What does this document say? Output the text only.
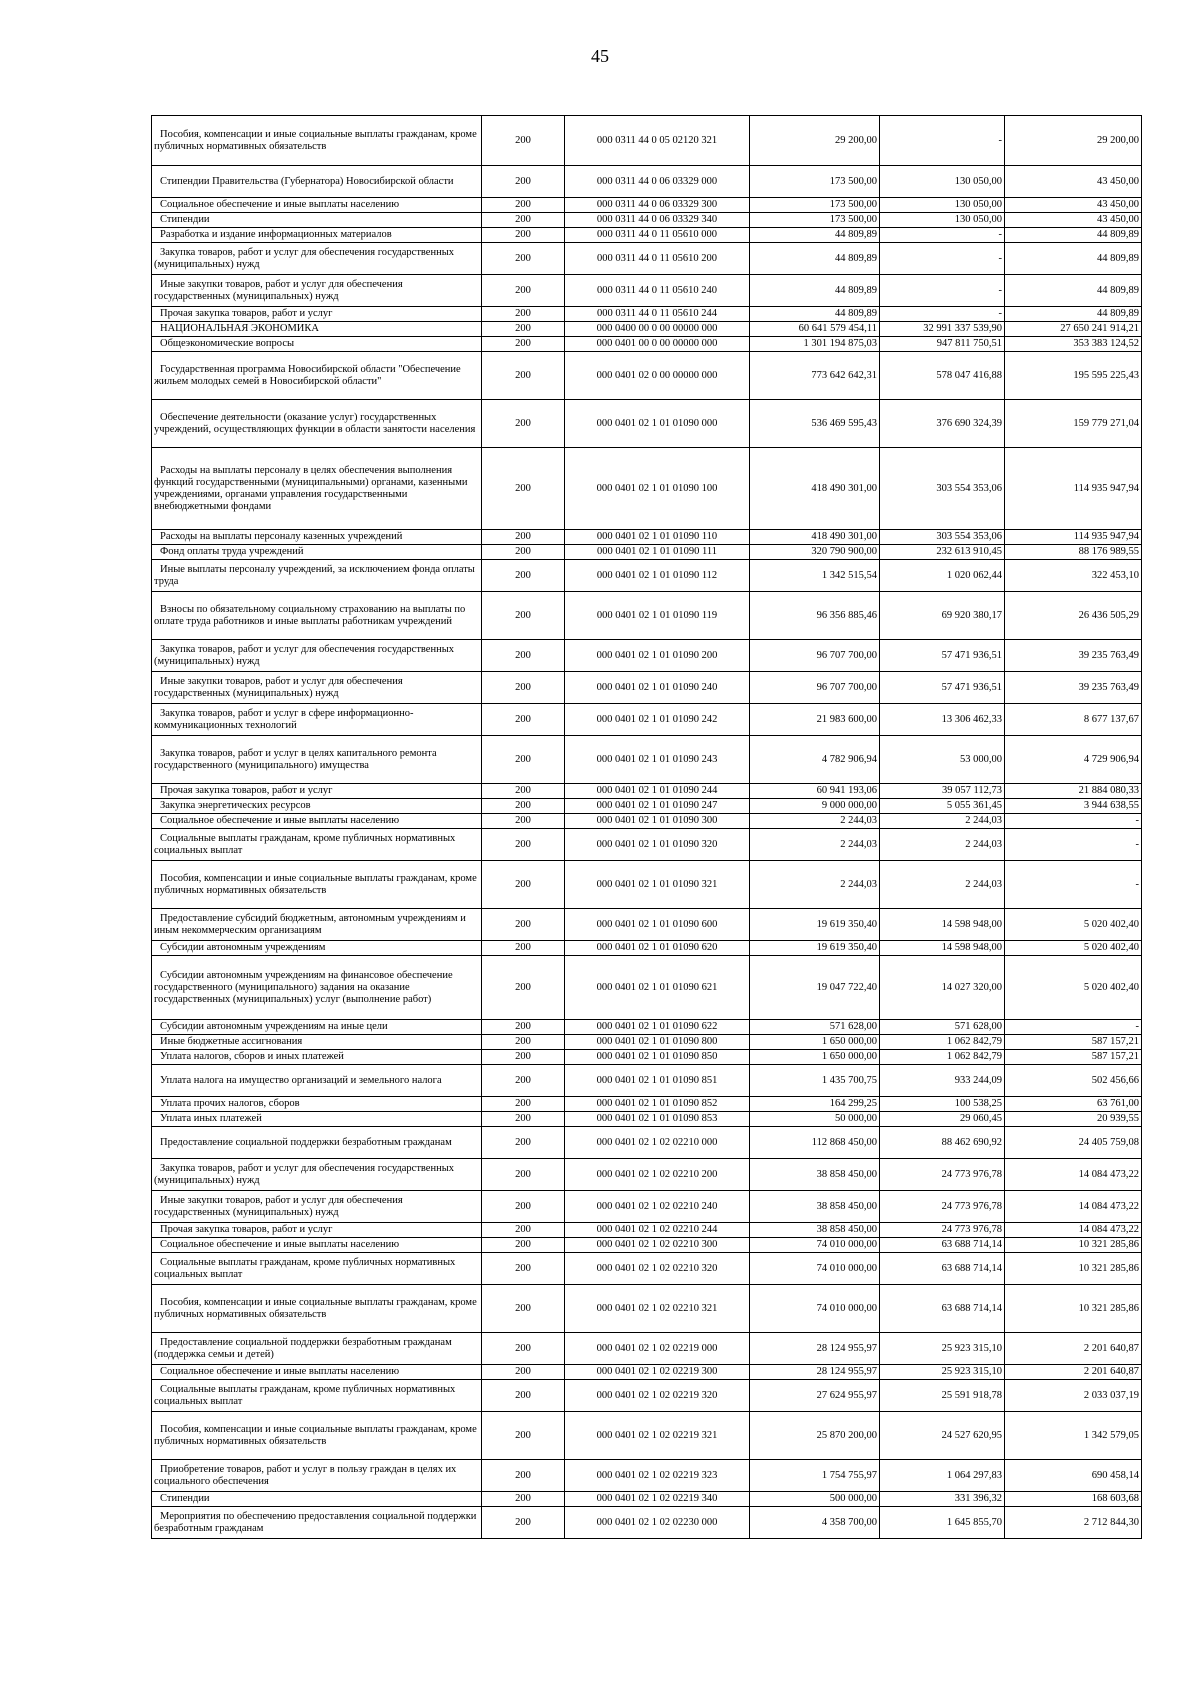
45
Пособия, компенсации и иные социальные выплаты гражданам, кроме публичных нормативных обязательств	200	000 0311 44 0 05 02120 321	29 200,00	-	29 200,00
Стипендии Правительства (Губернатора) Новосибирской области	200	000 0311 44 0 06 03329 000	173 500,00	130 050,00	43 450,00
Социальное обеспечение и иные выплаты населению	200	000 0311 44 0 06 03329 300	173 500,00	130 050,00	43 450,00
Стипендии	200	000 0311 44 0 06 03329 340	173 500,00	130 050,00	43 450,00
Разработка и издание информационных материалов	200	000 0311 44 0 11 05610 000	44 809,89	-	44 809,89
Закупка товаров, работ и услуг для обеспечения государственных (муниципальных) нужд	200	000 0311 44 0 11 05610 200	44 809,89	-	44 809,89
Иные закупки товаров, работ и услуг для обеспечения государственных (муниципальных) нужд	200	000 0311 44 0 11 05610 240	44 809,89	-	44 809,89
Прочая закупка товаров, работ и услуг	200	000 0311 44 0 11 05610 244	44 809,89	-	44 809,89
НАЦИОНАЛЬНАЯ ЭКОНОМИКА	200	000 0400 00 0 00 00000 000	60 641 579 454,11	32 991 337 539,90	27 650 241 914,21
Общеэкономические вопросы	200	000 0401 00 0 00 00000 000	1 301 194 875,03	947 811 750,51	353 383 124,52
Государственная программа Новосибирской области "Обеспечение жильем молодых семей в Новосибирской области"	200	000 0401 02 0 00 00000 000	773 642 642,31	578 047 416,88	195 595 225,43
Обеспечение деятельности (оказание услуг) государственных учреждений, осуществляющих функции в области занятости населения	200	000 0401 02 1 01 01090 000	536 469 595,43	376 690 324,39	159 779 271,04
Расходы на выплаты персоналу в целях обеспечения выполнения функций государственными (муниципальными) органами, казенными учреждениями, органами управления государственными внебюджетными фондами	200	000 0401 02 1 01 01090 100	418 490 301,00	303 554 353,06	114 935 947,94
Расходы на выплаты персоналу казенных учреждений	200	000 0401 02 1 01 01090 110	418 490 301,00	303 554 353,06	114 935 947,94
Фонд оплаты труда учреждений	200	000 0401 02 1 01 01090 111	320 790 900,00	232 613 910,45	88 176 989,55
Иные выплаты персоналу учреждений, за исключением фонда оплаты труда	200	000 0401 02 1 01 01090 112	1 342 515,54	1 020 062,44	322 453,10
Взносы по обязательному социальному страхованию на выплаты по оплате труда работников и иные выплаты работникам учреждений	200	000 0401 02 1 01 01090 119	96 356 885,46	69 920 380,17	26 436 505,29
Закупка товаров, работ и услуг для обеспечения государственных (муниципальных) нужд	200	000 0401 02 1 01 01090 200	96 707 700,00	57 471 936,51	39 235 763,49
Иные закупки товаров, работ и услуг для обеспечения государственных (муниципальных) нужд	200	000 0401 02 1 01 01090 240	96 707 700,00	57 471 936,51	39 235 763,49
Закупка товаров, работ и услуг в сфере информационно-коммуникационных технологий	200	000 0401 02 1 01 01090 242	21 983 600,00	13 306 462,33	8 677 137,67
Закупка товаров, работ и услуг в целях капитального ремонта государственного (муниципального) имущества	200	000 0401 02 1 01 01090 243	4 782 906,94	53 000,00	4 729 906,94
Прочая закупка товаров, работ и услуг	200	000 0401 02 1 01 01090 244	60 941 193,06	39 057 112,73	21 884 080,33
Закупка энергетических ресурсов	200	000 0401 02 1 01 01090 247	9 000 000,00	5 055 361,45	3 944 638,55
Социальное обеспечение и иные выплаты населению	200	000 0401 02 1 01 01090 300	2 244,03	2 244,03	-
Социальные выплаты гражданам, кроме публичных нормативных социальных выплат	200	000 0401 02 1 01 01090 320	2 244,03	2 244,03	-
Пособия, компенсации и иные социальные выплаты гражданам, кроме публичных нормативных обязательств	200	000 0401 02 1 01 01090 321	2 244,03	2 244,03	-
Предоставление субсидий бюджетным, автономным учреждениям и иным некоммерческим организациям	200	000 0401 02 1 01 01090 600	19 619 350,40	14 598 948,00	5 020 402,40
Субсидии автономным учреждениям	200	000 0401 02 1 01 01090 620	19 619 350,40	14 598 948,00	5 020 402,40
Субсидии автономным учреждениям на финансовое обеспечение государственного (муниципального) задания на оказание государственных (муниципальных) услуг (выполнение работ)	200	000 0401 02 1 01 01090 621	19 047 722,40	14 027 320,00	5 020 402,40
Субсидии автономным учреждениям на иные цели	200	000 0401 02 1 01 01090 622	571 628,00	571 628,00	-
Иные бюджетные ассигнования	200	000 0401 02 1 01 01090 800	1 650 000,00	1 062 842,79	587 157,21
Уплата налогов, сборов и иных платежей	200	000 0401 02 1 01 01090 850	1 650 000,00	1 062 842,79	587 157,21
Уплата налога на имущество организаций и земельного налога	200	000 0401 02 1 01 01090 851	1 435 700,75	933 244,09	502 456,66
Уплата прочих налогов, сборов	200	000 0401 02 1 01 01090 852	164 299,25	100 538,25	63 761,00
Уплата иных платежей	200	000 0401 02 1 01 01090 853	50 000,00	29 060,45	20 939,55
Предоставление социальной поддержки безработным гражданам	200	000 0401 02 1 02 02210 000	112 868 450,00	88 462 690,92	24 405 759,08
Закупка товаров, работ и услуг для обеспечения государственных (муниципальных) нужд	200	000 0401 02 1 02 02210 200	38 858 450,00	24 773 976,78	14 084 473,22
Иные закупки товаров, работ и услуг для обеспечения государственных (муниципальных) нужд	200	000 0401 02 1 02 02210 240	38 858 450,00	24 773 976,78	14 084 473,22
Прочая закупка товаров, работ и услуг	200	000 0401 02 1 02 02210 244	38 858 450,00	24 773 976,78	14 084 473,22
Социальное обеспечение и иные выплаты населению	200	000 0401 02 1 02 02210 300	74 010 000,00	63 688 714,14	10 321 285,86
Социальные выплаты гражданам, кроме публичных нормативных социальных выплат	200	000 0401 02 1 02 02210 320	74 010 000,00	63 688 714,14	10 321 285,86
Пособия, компенсации и иные социальные выплаты гражданам, кроме публичных нормативных обязательств	200	000 0401 02 1 02 02210 321	74 010 000,00	63 688 714,14	10 321 285,86
Предоставление социальной поддержки безработным гражданам (поддержка семьи и детей)	200	000 0401 02 1 02 02219 000	28 124 955,97	25 923 315,10	2 201 640,87
Социальное обеспечение и иные выплаты населению	200	000 0401 02 1 02 02219 300	28 124 955,97	25 923 315,10	2 201 640,87
Социальные выплаты гражданам, кроме публичных нормативных социальных выплат	200	000 0401 02 1 02 02219 320	27 624 955,97	25 591 918,78	2 033 037,19
Пособия, компенсации и иные социальные выплаты гражданам, кроме публичных нормативных обязательств	200	000 0401 02 1 02 02219 321	25 870 200,00	24 527 620,95	1 342 579,05
Приобретение товаров, работ и услуг в пользу граждан в целях их социального обеспечения	200	000 0401 02 1 02 02219 323	1 754 755,97	1 064 297,83	690 458,14
Стипендии	200	000 0401 02 1 02 02219 340	500 000,00	331 396,32	168 603,68
Мероприятия по обеспечению предоставления социальной поддержки безработным гражданам	200	000 0401 02 1 02 02230 000	4 358 700,00	1 645 855,70	2 712 844,30
